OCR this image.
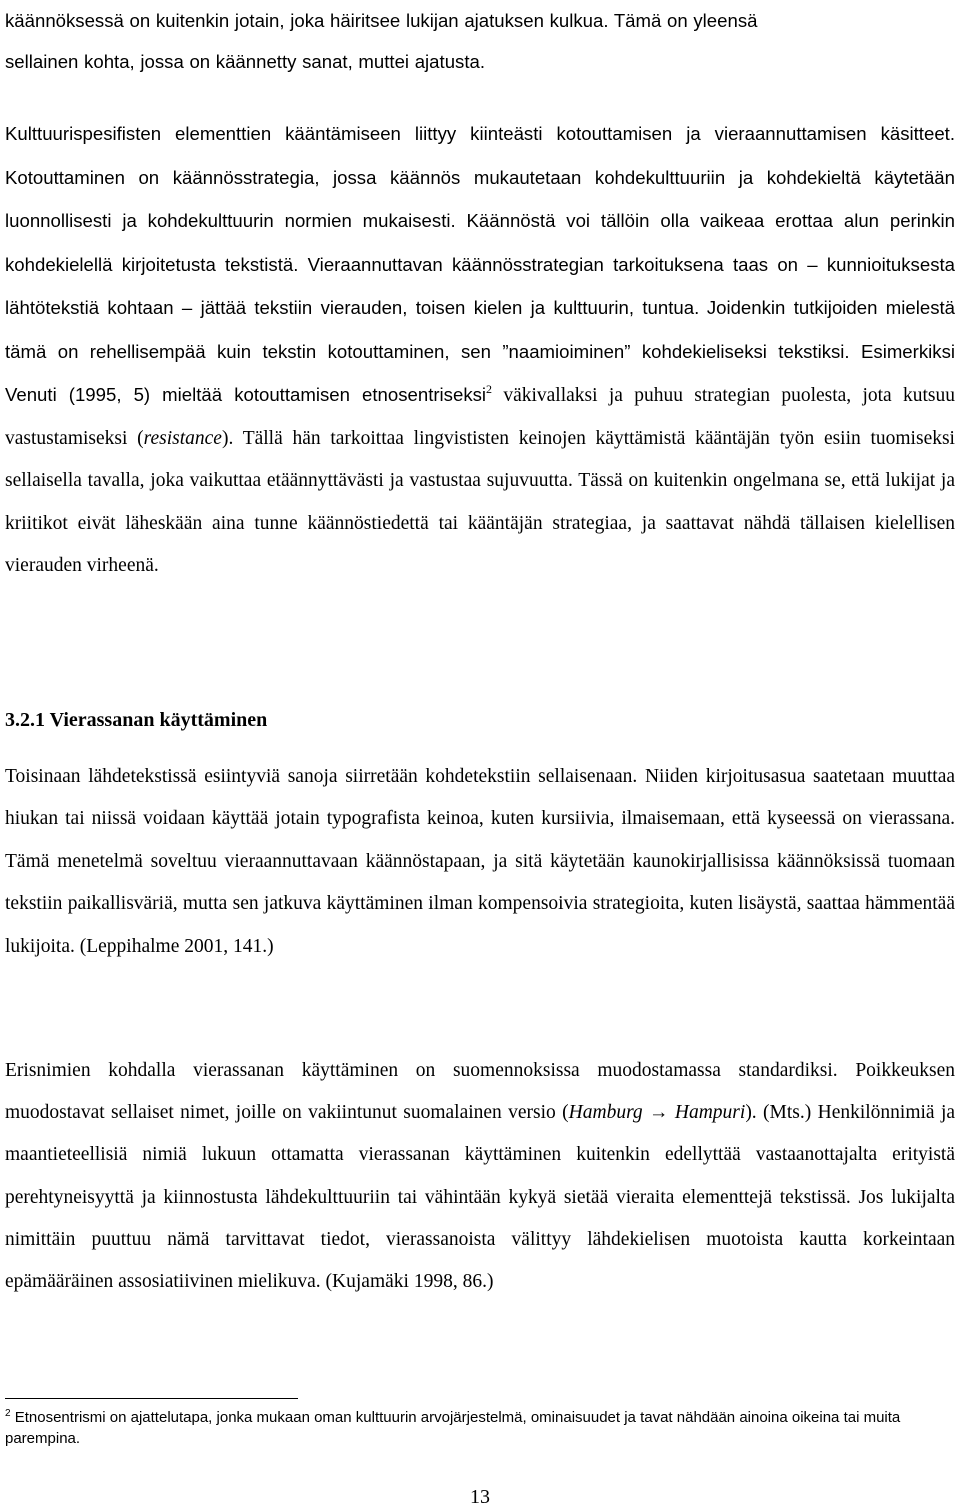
käännöksessä on kuitenkin jotain, joka häiritsee lukijan ajatuksen kulkua. Tämä on yleensä
sellainen kohta, jossa on käännetty sanat, muttei ajatusta.

Kulttuurispesifisten elementtien kääntämiseen liittyy kiinteästi kotouttamisen ja vieraannuttamisen käsitteet. Kotouttaminen on käännösstrategia, jossa käännös mukautetaan kohdekulttuuriin ja kohdekieltä käytetään luonnollisesti ja kohdekulttuurin normien mukaisesti. Käännöstä voi tällöin olla vaikeaa erottaa alun perinkin kohdekielellä kirjoitetusta tekstistä. Vieraannuttavan käännösstrategian tarkoituksena taas on – kunnioituksesta lähtötekstiä kohtaan – jättää tekstiin vierauden, toisen kielen ja kulttuurin, tuntua. Joidenkin tutkijoiden mielestä tämä on rehellisempää kuin tekstin kotouttaminen, sen ”naamioiminen” kohdekieliseksi tekstiksi. Esimerkiksi Venuti (1995, 5) mieltää kotouttamisen etnosentriseksi$^2$ väkivallaksi ja puhuu strategian puolesta, jota kutsuu vastustamiseksi (resistance). Tällä hän tarkoittaa lingvististen keinojen käyttämistä kääntäjän työn esiin tuomiseksi sellaisella tavalla, joka vaikuttaa etäännyttävästi ja vastustaa sujuvuutta. Tässä on kuitenkin ongelmana se, että lukijat ja kriitikot eivät läheskään aina tunne käännöstiedettä tai kääntäjän strategiaa, ja saattavat nähdä tällaisen kielellisen vierauden virheenä.

3.2.1 Vierassanan käyttäminen

Toisinaan lähdetekstissä esiintyviä sanoja siirretään kohdetekstiin sellaisenaan. Niiden kirjoitusasua saatetaan muuttaa hiukan tai niissä voidaan käyttää jotain typografista keinoa, kuten kursiivia, ilmaisemaan, että kyseessä on vierassana. Tämä menetelmä soveltuu vieraannuttavaan käännöstapaan, ja sitä käytetään kaunokirjallisissa käännöksissä tuomaan tekstiin paikallisväriä, mutta sen jatkuva käyttäminen ilman kompensoivia strategioita, kuten lisäystä, saattaa hämmentää lukijoita. (Leppihalme 2001, 141.)

Erisnimien kohdalla vierassanan käyttäminen on suomennoksissa muodostamassa standardiksi. Poikkeuksen muodostavat sellaiset nimet, joille on vakiintunut suomalainen versio (Hamburg → Hampuri). (Mts.) Henkilönnimiä ja maantieteellisiä nimiä lukuun ottamatta vierassanan käyttäminen kuitenkin edellyttää vastaanottajalta erityistä perehtyneisyyttä ja kiinnostusta lähdekulttuuriin tai vähintään kykyä sietää vieraita elementtejä tekstissä. Jos lukijalta nimittäin puuttuu nämä tarvittavat tiedot, vierassanoista välittyy lähdekielisen muotoista kautta korkeintaan epämääräinen assosiatiivinen mielikuva. (Kujamäki 1998, 86.)

$^2$ Etnosentrismi on ajattelutapa, jonka mukaan oman kulttuurin arvojärjestelmä, ominaisuudet ja tavat nähdään ainoina oikeina tai muita parempina.
13
